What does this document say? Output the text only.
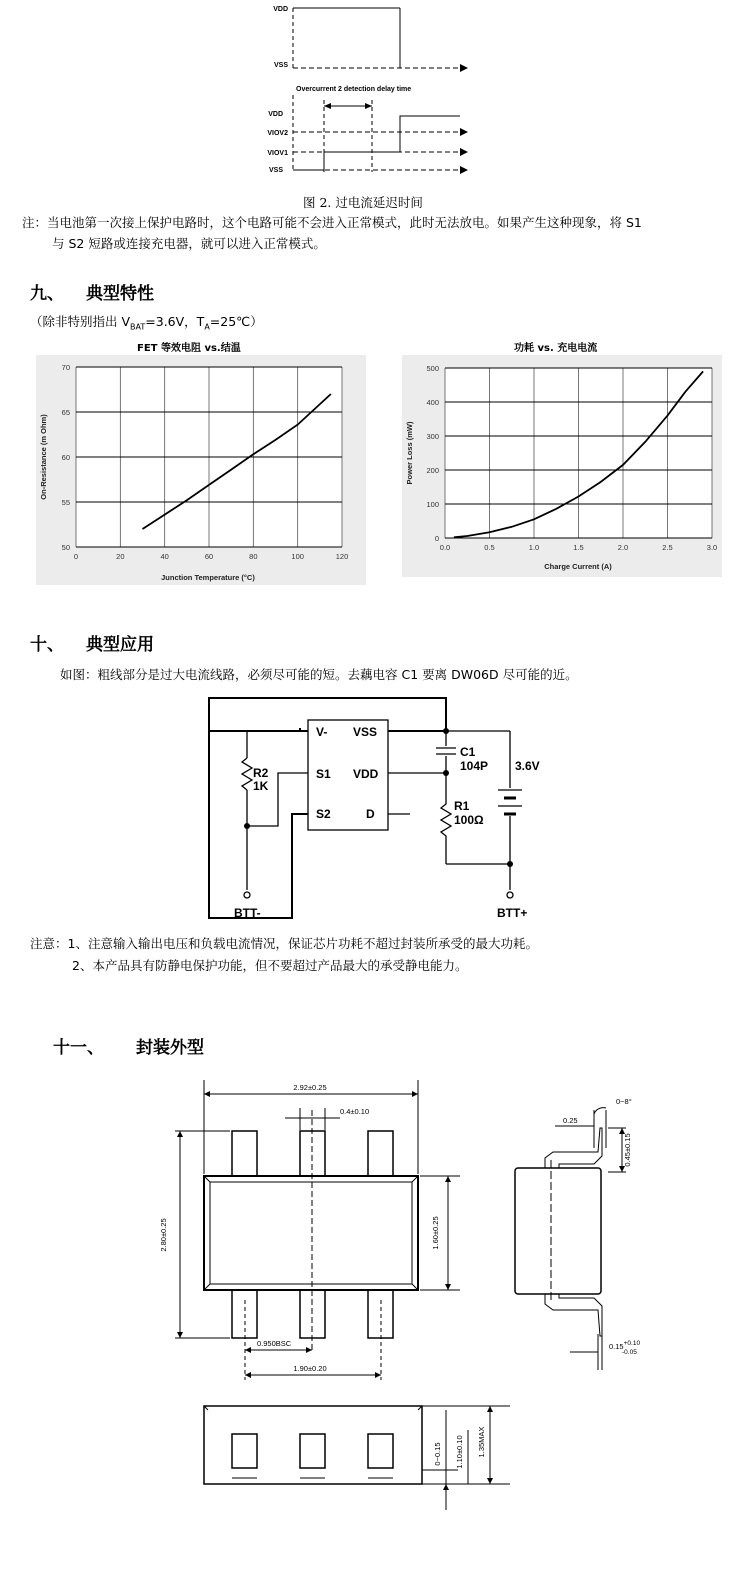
VDD
VSS
Overcurrent 2 detection delay time
VDD
VIOV2
VIOV1
VSS
图 2. 过电流延迟时间
注：当电池第一次接上保护电路时，这个电路可能不会进入正常模式，此时无法放电。如果产生这种现象，将 S1
与 S2 短路或连接充电器，就可以进入正常模式。
九、 典型特性
（除非特别指出 $V_{BAT}=3.6V$，$T_A=25℃$）
FET 等效电阻 vs.结温
0	20	40	60	80	100	120
50
55
60
65
70
Junction Temperature (°C)
On-Resistance (m Ohm)
功耗 vs. 充电电流
0.0	0.5	1.0	1.5	2.0	2.5	3.0
0
100
200
300
400
500
Charge Current (A)
Power Loss (mW)
十、 典型应用
如图：粗线部分是过大电流线路，必须尽可能的短。去藕电容 C1 要离 DW06D 尽可能的近。
V- VSS
S1 VDD
S2	D
C1
104P
R2
1K
R1
100Ω
3.6V
BTT-	BTT+
注意：1、注意输入输出电压和负载电流情况，保证芯片功耗不超过封装所承受的最大功耗。
2、本产品具有防静电保护功能，但不要超过产品最大的承受静电能力。
十一、 封装外型
2.92±0.25
0.4±0.10
2.80±0.25	1.60±0.25
0.950BSC
1.90±0.20
0.25
0~8°
0.45±0.15
0.15+0.10
-0.05
0~0.15 1.10±0.10 1.35MAX
